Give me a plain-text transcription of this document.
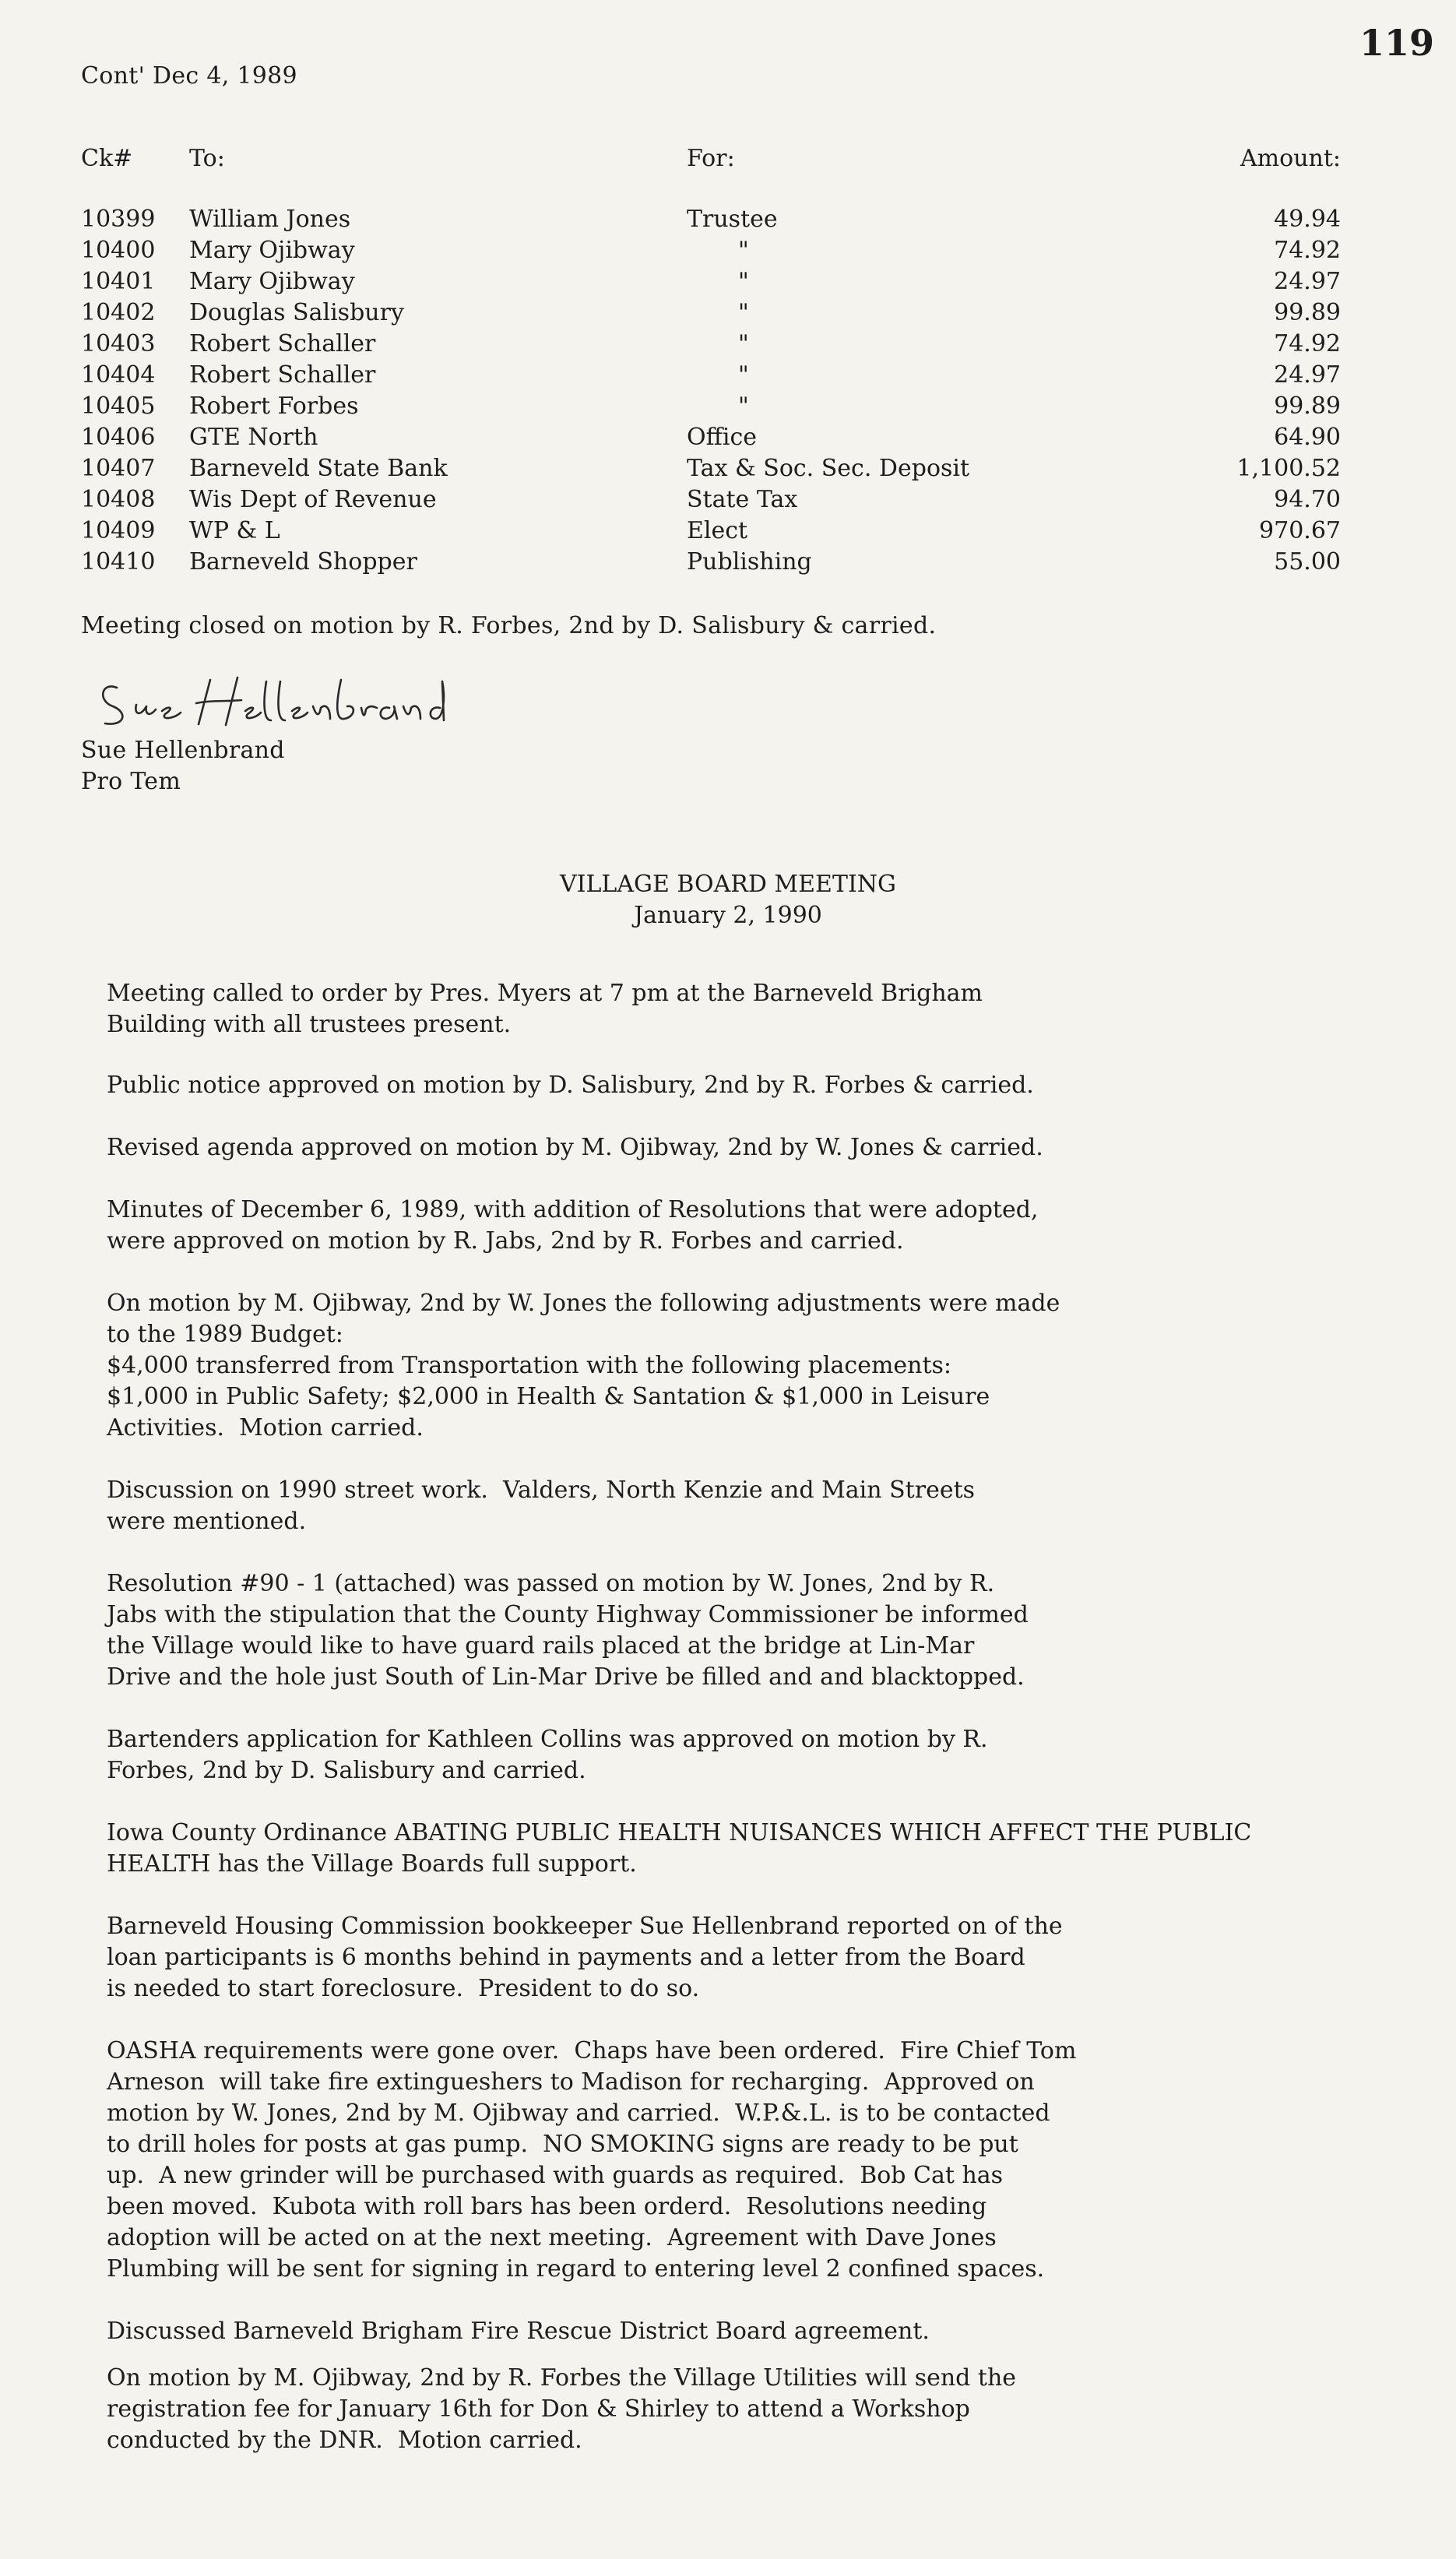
119
Cont' Dec 4, 1989
Ck# To:	For:	Amount:
10399 William Jones	Trustee	49.94
10400 Mary Ojibway	"	74.92
10401 Mary Ojibway	"	24.97
10402 Douglas Salisbury	"	99.89
10403 Robert Schaller	"	74.92
10404 Robert Schaller	"	24.97
10405 Robert Forbes	"	99.89
10406 GTE North	Office	64.90
10407 Barneveld State Bank	Tax & Soc. Sec. Deposit	1,100.52
10408 Wis Dept of Revenue	State Tax	94.70
10409 WP & L	Elect	970.67
10410 Barneveld Shopper	Publishing	55.00
Meeting closed on motion by R. Forbes, 2nd by D. Salisbury & carried.
Sue Hellenbrand
Pro Tem
VILLAGE BOARD MEETING
January 2, 1990
Meeting called to order by Pres. Myers at 7 pm at the Barneveld Brigham
Building with all trustees present.
Public notice approved on motion by D. Salisbury, 2nd by R. Forbes & carried.
Revised agenda approved on motion by M. Ojibway, 2nd by W. Jones & carried.
Minutes of December 6, 1989, with addition of Resolutions that were adopted,
were approved on motion by R. Jabs, 2nd by R. Forbes and carried.
On motion by M. Ojibway, 2nd by W. Jones the following adjustments were made
to the 1989 Budget:
$4,000 transferred from Transportation with the following placements:
$1,000 in Public Safety; $2,000 in Health & Santation & $1,000 in Leisure
Activities.  Motion carried.
Discussion on 1990 street work.  Valders, North Kenzie and Main Streets
were mentioned.
Resolution #90 - 1 (attached) was passed on motion by W. Jones, 2nd by R.
Jabs with the stipulation that the County Highway Commissioner be informed
the Village would like to have guard rails placed at the bridge at Lin-Mar
Drive and the hole just South of Lin-Mar Drive be filled and and blacktopped.
Bartenders application for Kathleen Collins was approved on motion by R.
Forbes, 2nd by D. Salisbury and carried.
Iowa County Ordinance ABATING PUBLIC HEALTH NUISANCES WHICH AFFECT THE PUBLIC
HEALTH has the Village Boards full support.
Barneveld Housing Commission bookkeeper Sue Hellenbrand reported on of the
loan participants is 6 months behind in payments and a letter from the Board
is needed to start foreclosure.  President to do so.
OASHA requirements were gone over.  Chaps have been ordered.  Fire Chief Tom
Arneson  will take fire extingueshers to Madison for recharging.  Approved on
motion by W. Jones, 2nd by M. Ojibway and carried.  W.P.&.L. is to be contacted
to drill holes for posts at gas pump.  NO SMOKING signs are ready to be put
up.  A new grinder will be purchased with guards as required.  Bob Cat has
been moved.  Kubota with roll bars has been orderd.  Resolutions needing
adoption will be acted on at the next meeting.  Agreement with Dave Jones
Plumbing will be sent for signing in regard to entering level 2 confined spaces.
Discussed Barneveld Brigham Fire Rescue District Board agreement.
On motion by M. Ojibway, 2nd by R. Forbes the Village Utilities will send the
registration fee for January 16th for Don & Shirley to attend a Workshop
conducted by the DNR.  Motion carried.
